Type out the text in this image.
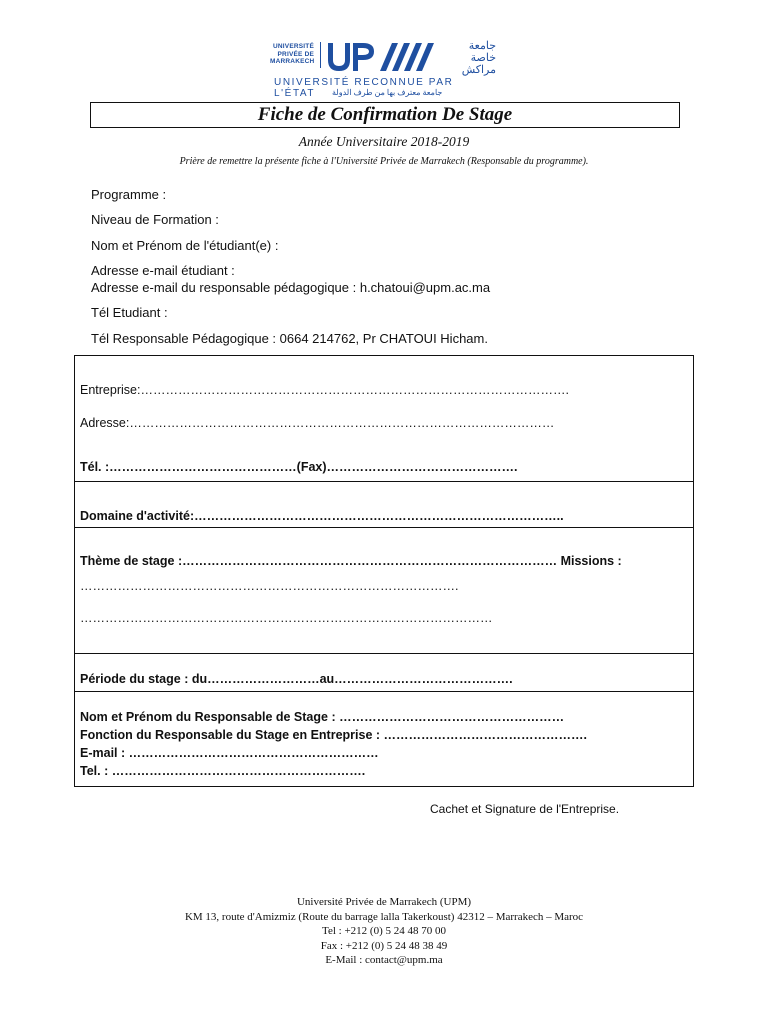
UNIVERSITÉ
PRIVÉE DE
MARRAKECH
جامعة
خاصة
مراكش
UNIVERSITÉ RECONNUE PAR L'ÉTAT	جامعة معترف بها من طرف الدولة
Fiche de Confirmation De Stage
Année Universitaire 2018-2019
Prière de remettre la présente fiche à l'Université Privée de Marrakech (Responsable du programme).
Programme :
Niveau de Formation :
Nom et Prénom de l'étudiant(e) :
Adresse e-mail étudiant :
Adresse e-mail du responsable pédagogique : h.chatoui@upm.ac.ma
Tél Etudiant :
Tél Responsable Pédagogique : 0664 214762, Pr CHATOUI Hicham.
Entreprise:………………………………………………………………………………………….
Adresse:…………………………………………………………………………………………
Tél. :………………………………………(Fax)……………………………………….
Domaine d'activité:……………………………………………………………………………..
Thème de stage :……………………………………………………………………………… Missions :
……………………………………………………………………………….
………………………………………………………………………………………
Période du stage : du………………………au…………………………………….
Nom et Prénom du Responsable de Stage : ………………………………………………
Fonction du Responsable du Stage en Entreprise : ………………………………………….
E-mail : ……………………………………………………
Tel. : …………………………………………………….
Cachet et Signature de l'Entreprise.
Université Privée de Marrakech (UPM)
KM 13, route d'Amizmiz (Route du barrage lalla Takerkoust) 42312 – Marrakech – Maroc
Tel : +212 (0) 5 24 48 70 00
Fax : +212 (0) 5 24 48 38 49
E-Mail : contact@upm.ma
